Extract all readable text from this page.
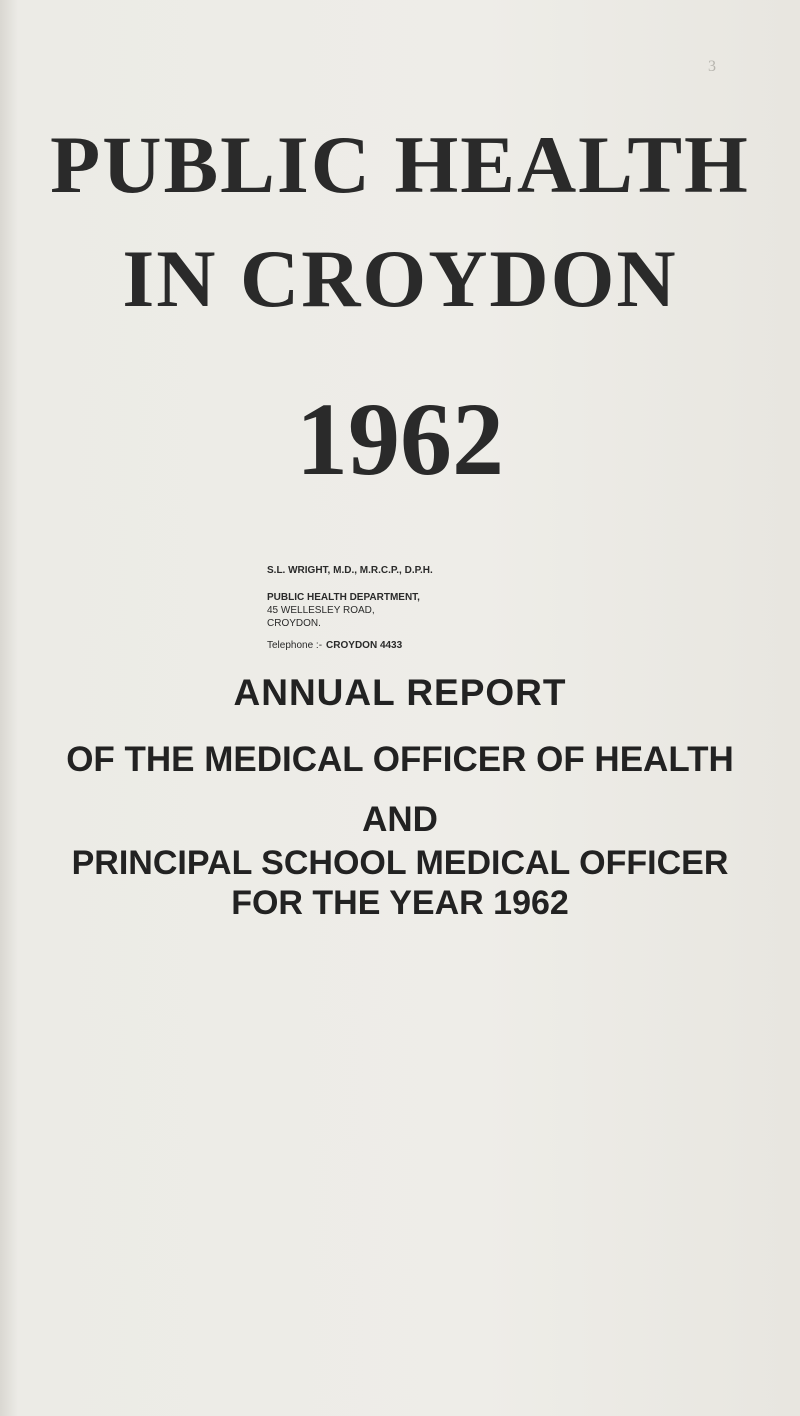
3
PUBLIC HEALTH
IN CROYDON
1962
ANNUAL REPORT
OF THE MEDICAL OFFICER OF HEALTH
AND
PRINCIPAL SCHOOL MEDICAL OFFICER
FOR THE YEAR 1962
S.L. WRIGHT, M.D., M.R.C.P., D.P.H.
PUBLIC HEALTH DEPARTMENT,
45 WELLESLEY ROAD,
CROYDON.
Telephone :- CROYDON 4433
